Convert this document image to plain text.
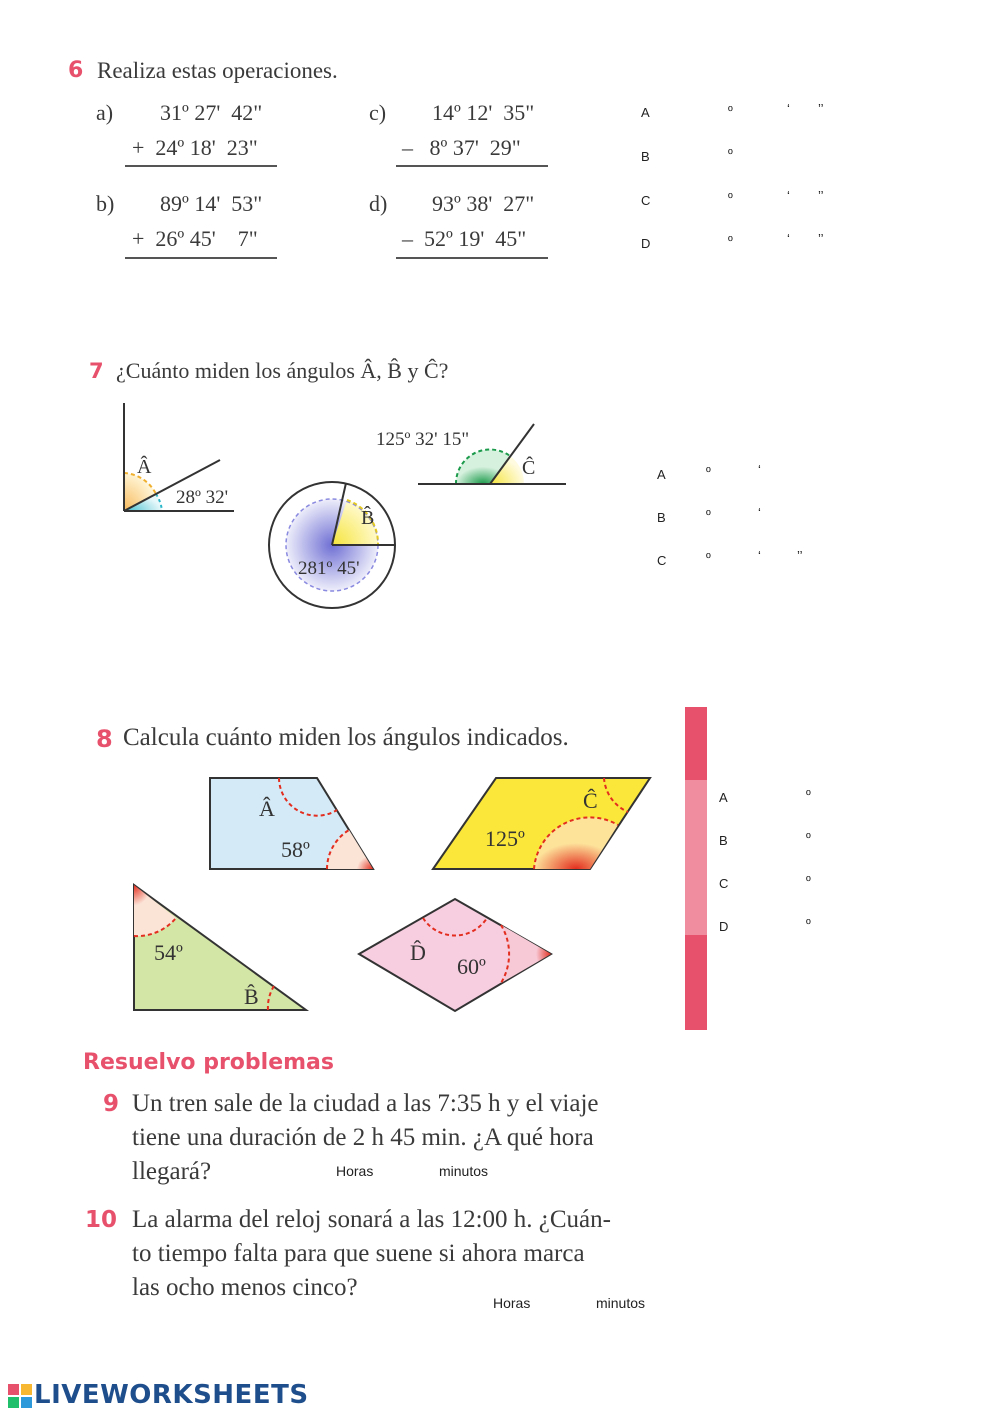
6 Realiza estas operaciones.
a) 31º 27'  42"
+  24º 18'  23"
b) 89º 14'  53"
+  26º 45'    7"
c) 14º 12'  35"
–   8º 37'  29"
d) 93º 38'  27"
–  52º 19'  45"
A	º	‘ ’’
B	º
C	º	‘ ’’
D	º	‘ ’’
7 ¿Cuánto miden los ángulos Â, B̂ y Ĉ?
Â
28º 32'
B̂
281º 45'
125º 32' 15"
Ĉ	A	º	‘
B	º	‘
C	º	‘	’’
8 Calcula cuánto miden los ángulos indicados.
Â
58º
Ĉ
125º
54º
B̂
D̂
60º
A	º
B	º
C	º
D	º
Resuelvo problemas
9 Un tren sale de la ciudad a las 7:35 h y el viaje
tiene una duración de 2 h 45 min. ¿A qué hora
llegará?	Horas	minutos
10 La alarma del reloj sonará a las 12:00 h. ¿Cuán-
to tiempo falta para que suene si ahora marca
las ocho menos cinco?
Horas	minutos
LIVEWORKSHEETS
